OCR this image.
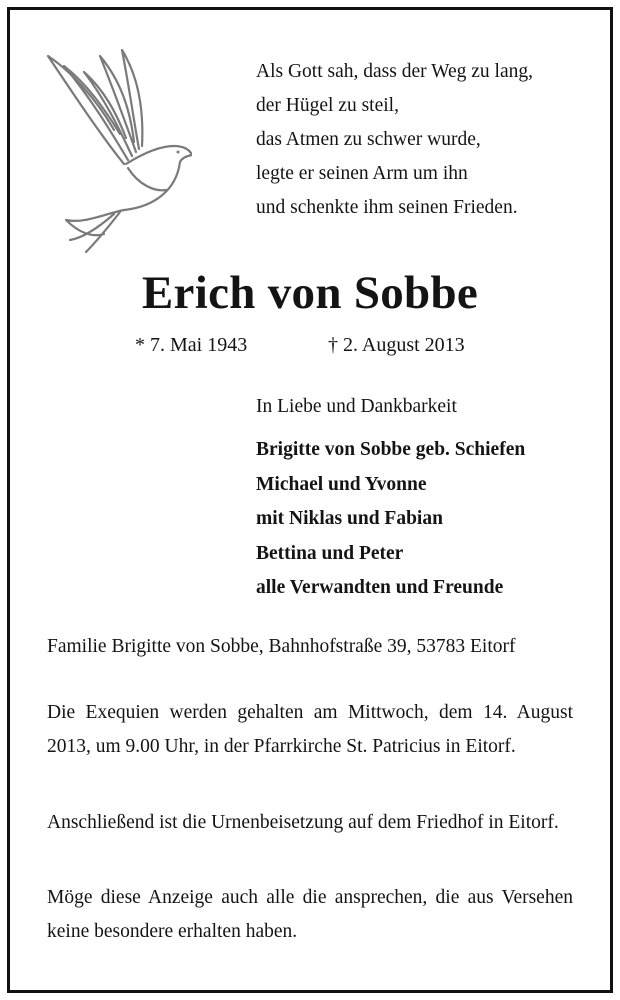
Als Gott sah, dass der Weg zu lang,
der Hügel zu steil,
das Atmen zu schwer wurde,
legte er seinen Arm um ihn
und schenkte ihm seinen Frieden.
Erich von Sobbe
* 7. Mai 1943	† 2. August 2013
In Liebe und Dankbarkeit
Brigitte von Sobbe geb. Schiefen
Michael und Yvonne
mit Niklas und Fabian
Bettina und Peter
alle Verwandten und Freunde
Familie Brigitte von Sobbe, Bahnhofstraße 39, 53783 Eitorf
Die Exequien werden gehalten am Mittwoch, dem 14. August 2013, um 9.00 Uhr, in der Pfarrkirche St. Patricius in Eitorf.
Anschließend ist die Urnenbeisetzung auf dem Friedhof in Eitorf.
Möge diese Anzeige auch alle die ansprechen, die aus Versehen keine besondere erhalten haben.
